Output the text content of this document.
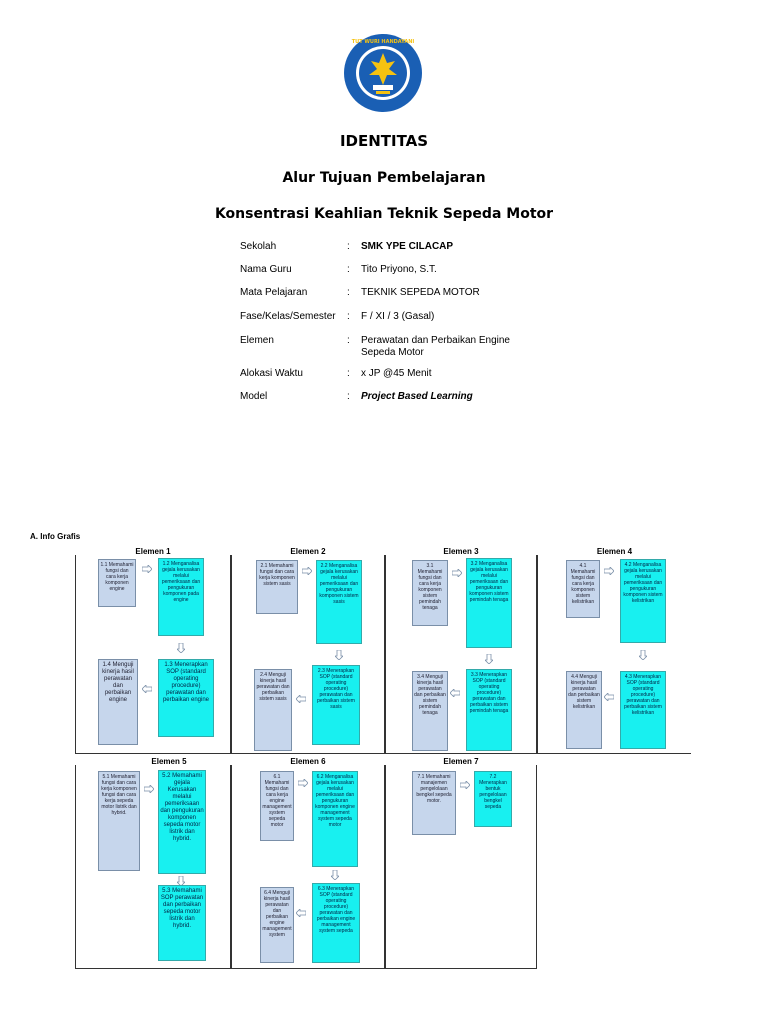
TUT WURI HANDAYANI
IDENTITAS
Alur Tujuan Pembelajaran
Konsentrasi Keahlian Teknik Sepeda Motor
Sekolah	: SMK YPE CILACAP
Nama Guru	: Tito Priyono, S.T.
Mata Pelajaran	: TEKNIK SEPEDA MOTOR
Fase/Kelas/Semester : F / XI / 3 (Gasal)
Elemen	: Perawatan dan Perbaikan Engine Sepeda Motor
Alokasi Waktu	: x JP @45 Menit
Model	: Project Based Learning
A. Info Grafis
Elemen 1
1.1 Memahami fungsi dan cara kerja komponen engine
1.2 Menganalisa gejala kerusakan melalui pemeriksaan dan pengukuran komponen pada engine
1.3 Menerapkan SOP (standard operating procedure) perawatan dan perbaikan engine
1.4 Menguji kinerja hasil perawatan dan perbaikan engine
Elemen 2
2.1 Memahami fungsi dan cara kerja komponen sistem sasis
2.2 Menganalisa gejala kerusakan melalui pemeriksaan dan pengukuran komponen sistem sasis
2.3 Menerapkan SOP (standard operating procedure) perawatan dan perbaikan sistem sasis
2.4 Menguji kinerja hasil perawatan dan perbaikan sistem sasis
Elemen 3
3.1 Memahami fungsi dan cara kerja komponen sistem pemindah tenaga
3.2 Menganalisa gejala kerusakan melalui pemeriksaan dan pengukuran komponen sistem pemindah tenaga
3.3 Menerapkan SOP (standard operating procedure) perawatan dan perbaikan sistem pemindah tenaga
3.4 Menguji kinerja hasil perawatan dan perbaikan sistem pemindah tenaga
Elemen 4
4.1 Memahami fungsi dan cara kerja komponen sistem kelistrikan
4.2 Menganalisa gejala kerusakan melalui pemeriksaan dan pengukuran komponen sistem kelistrikan
4.3 Menerapkan SOP (standard operating procedure) perawatan dan perbaikan sistem kelistrikan
4.4 Menguji kinerja hasil perawatan dan perbaikan sistem kelistrikan
Elemen 5
5.1 Memahami fungsi dan cara kerja komponen fungsi dan cara kerja sepeda motor listrik dan hybrid.
5.2 Memahami gejala Kerusakan melalui pemeriksaan dan pengukuran komponen sepeda motor listrik dan hybrid.
5.3 Memahami SOP perawatan dan perbaikan sepeda motor listrik dan hybrid.
Elemen 6
6.1 Memahami fungsi dan cara kerja engine management system sepeda motor
6.2 Menganalisa gejala kerusakan melalui pemeriksaan dan pengukuran komponen engine management system sepeda motor
6.3 Menerapkan SOP (standard operating procedure) perawatan dan perbaikan engine management system sepeda
6.4 Menguji kinerja hasil perawatan dan perbaikan engine management system
Elemen 7
7.1 Memahami manajemen pengelolaan bengkel sepeda motor.
7.2 Menerapkan bentuk pengelolaan bengkel sepeda
